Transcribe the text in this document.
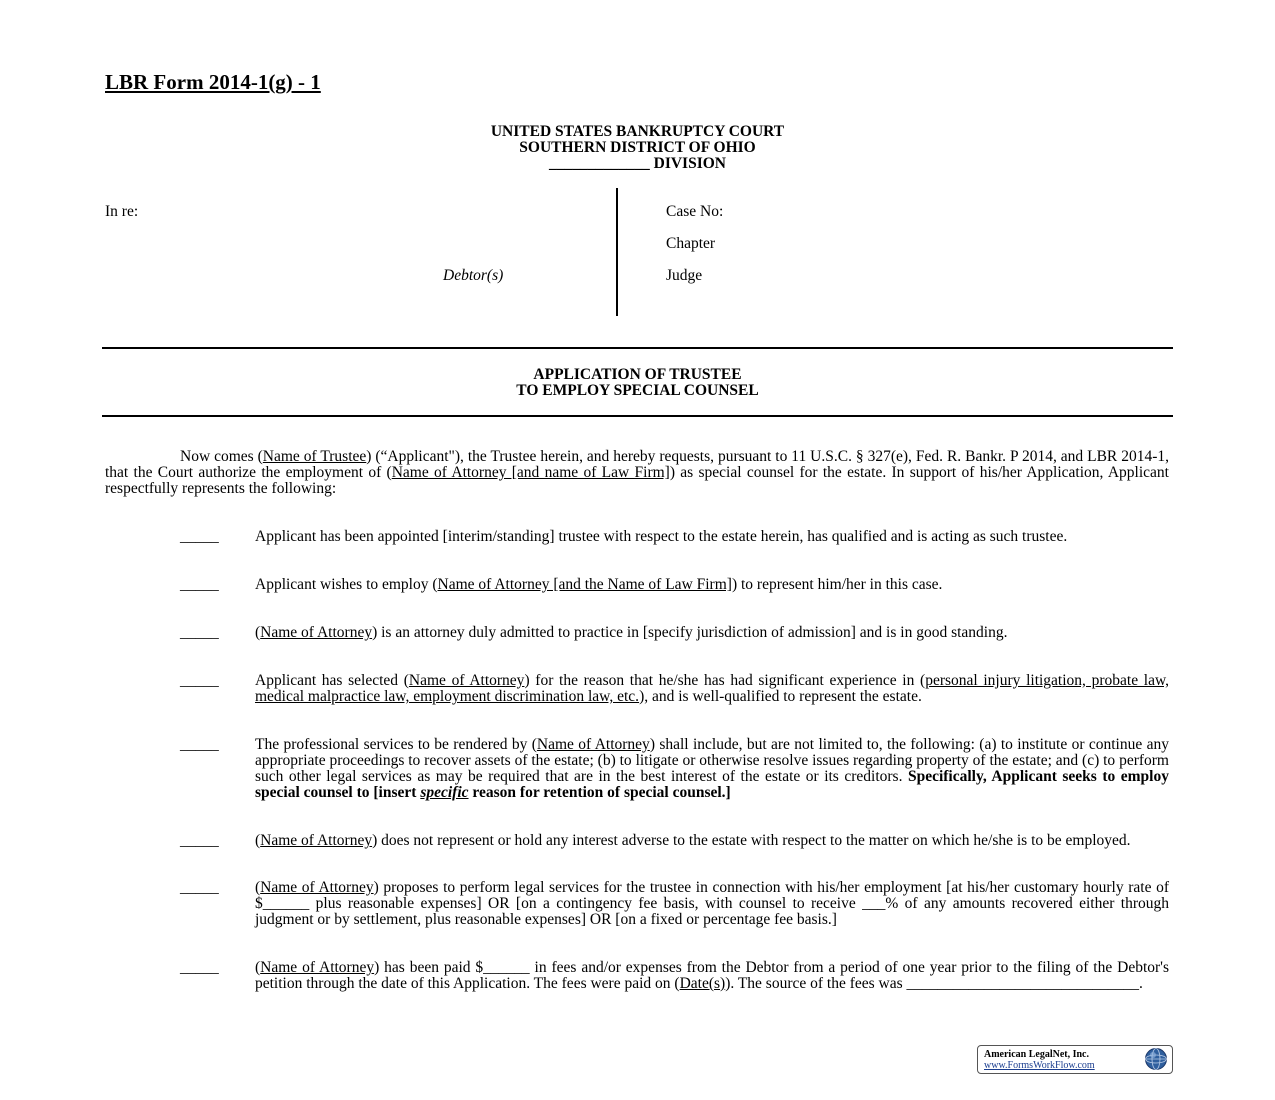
LBR Form 2014-1(g) - 1
UNITED STATES BANKRUPTCY COURT
SOUTHERN DISTRICT OF OHIO
_____________ DIVISION
In re:
Debtor(s)
Case No:
Chapter
Judge
APPLICATION OF TRUSTEE
TO EMPLOY SPECIAL COUNSEL
Now comes (Name of Trustee) (“Applicant"), the Trustee herein, and hereby requests, pursuant to 11 U.S.C. § 327(e), Fed. R. Bankr. P 2014, and LBR 2014-1, that the Court authorize the employment of (Name of Attorney [and name of Law Firm]) as special counsel for the estate. In support of his/her Application, Applicant respectfully represents the following:
_____ Applicant has been appointed [interim/standing] trustee with respect to the estate herein, has qualified and is acting as such trustee.
_____ Applicant wishes to employ (Name of Attorney [and the Name of Law Firm]) to represent him/her in this case.
_____ (Name of Attorney) is an attorney duly admitted to practice in [specify jurisdiction of admission] and is in good standing.
_____ Applicant has selected (Name of Attorney) for the reason that he/she has had significant experience in (personal injury litigation, probate law, medical malpractice law, employment discrimination law, etc.), and is well-qualified to represent the estate.
_____ The professional services to be rendered by (Name of Attorney) shall include, but are not limited to, the following: (a) to institute or continue any appropriate proceedings to recover assets of the estate; (b) to litigate or otherwise resolve issues regarding property of the estate; and (c) to perform such other legal services as may be required that are in the best interest of the estate or its creditors. Specifically, Applicant seeks to employ special counsel to [insert specific reason for retention of special counsel.]
_____ (Name of Attorney) does not represent or hold any interest adverse to the estate with respect to the matter on which he/she is to be employed.
_____ (Name of Attorney) proposes to perform legal services for the trustee in connection with his/her employment [at his/her customary hourly rate of $______ plus reasonable expenses] OR [on a contingency fee basis, with counsel to receive ___% of any amounts recovered either through judgment or by settlement, plus reasonable expenses] OR [on a fixed or percentage fee basis.]
_____ (Name of Attorney) has been paid $______ in fees and/or expenses from the Debtor from a period of one year prior to the filing of the Debtor's petition through the date of this Application. The fees were paid on (Date(s)). The source of the fees was ______________________________.
American LegalNet, Inc.
www.FormsWorkFlow.com
